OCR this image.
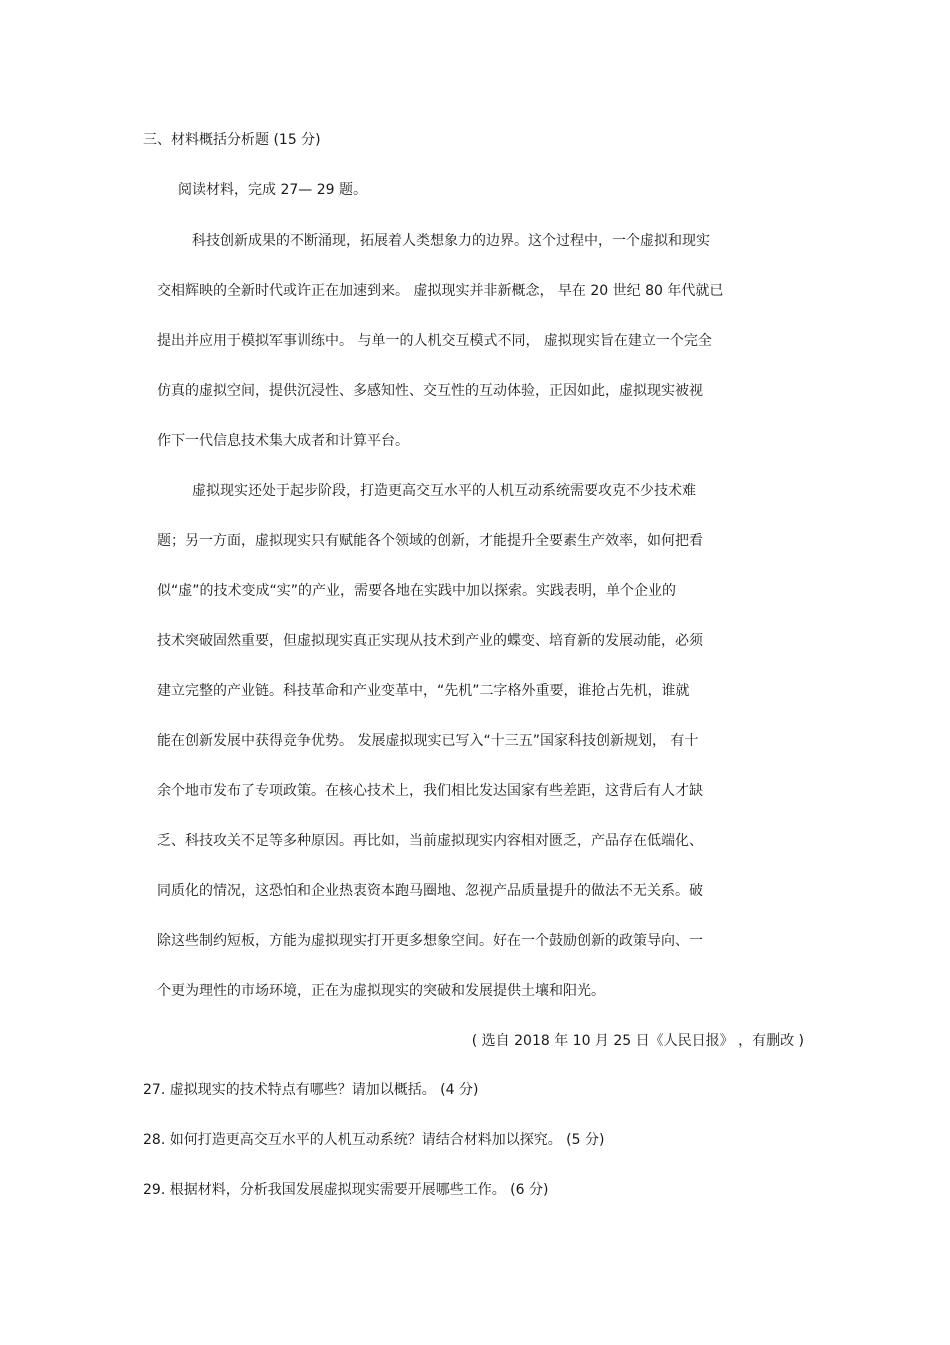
三、材料概括分析题 (15 分)
阅读材料，完成 27— 29 题。
科技创新成果的不断涌现，拓展着人类想象力的边界。这个过程中，一个虚拟和现实
交相辉映的全新时代或许正在加速到来。 虚拟现实并非新概念， 早在 20 世纪 80 年代就已
提出并应用于模拟军事训练中。 与单一的人机交互模式不同， 虚拟现实旨在建立一个完全
仿真的虚拟空间，提供沉浸性、多感知性、交互性的互动体验，正因如此，虚拟现实被视
作下一代信息技术集大成者和计算平台。
虚拟现实还处于起步阶段，打造更高交互水平的人机互动系统需要攻克不少技术难
题；另一方面，虚拟现实只有赋能各个领域的创新，才能提升全要素生产效率，如何把看
似“虚”的技术变成“实”的产业，需要各地在实践中加以探索。实践表明，单个企业的
技术突破固然重要，但虚拟现实真正实现从技术到产业的蝶变、培育新的发展动能，必须
建立完整的产业链。科技革命和产业变革中，“先机”二字格外重要，谁抢占先机，谁就
能在创新发展中获得竞争优势。 发展虚拟现实已写入“十三五”国家科技创新规划， 有十
余个地市发布了专项政策。在核心技术上，我们相比发达国家有些差距，这背后有人才缺
乏、科技攻关不足等多种原因。再比如，当前虚拟现实内容相对匮乏，产品存在低端化、
同质化的情况，这恐怕和企业热衷资本跑马圈地、忽视产品质量提升的做法不无关系。破
除这些制约短板，方能为虚拟现实打开更多想象空间。好在一个鼓励创新的政策导向、一
个更为理性的市场环境，正在为虚拟现实的突破和发展提供土壤和阳光。
( 选自 2018 年 10 月 25 日《人民日报》 ，有删改 )
27. 虚拟现实的技术特点有哪些？请加以概括。 (4 分)
28. 如何打造更高交互水平的人机互动系统？请结合材料加以探究。 (5 分)
29. 根据材料，分析我国发展虚拟现实需要开展哪些工作。 (6 分)
